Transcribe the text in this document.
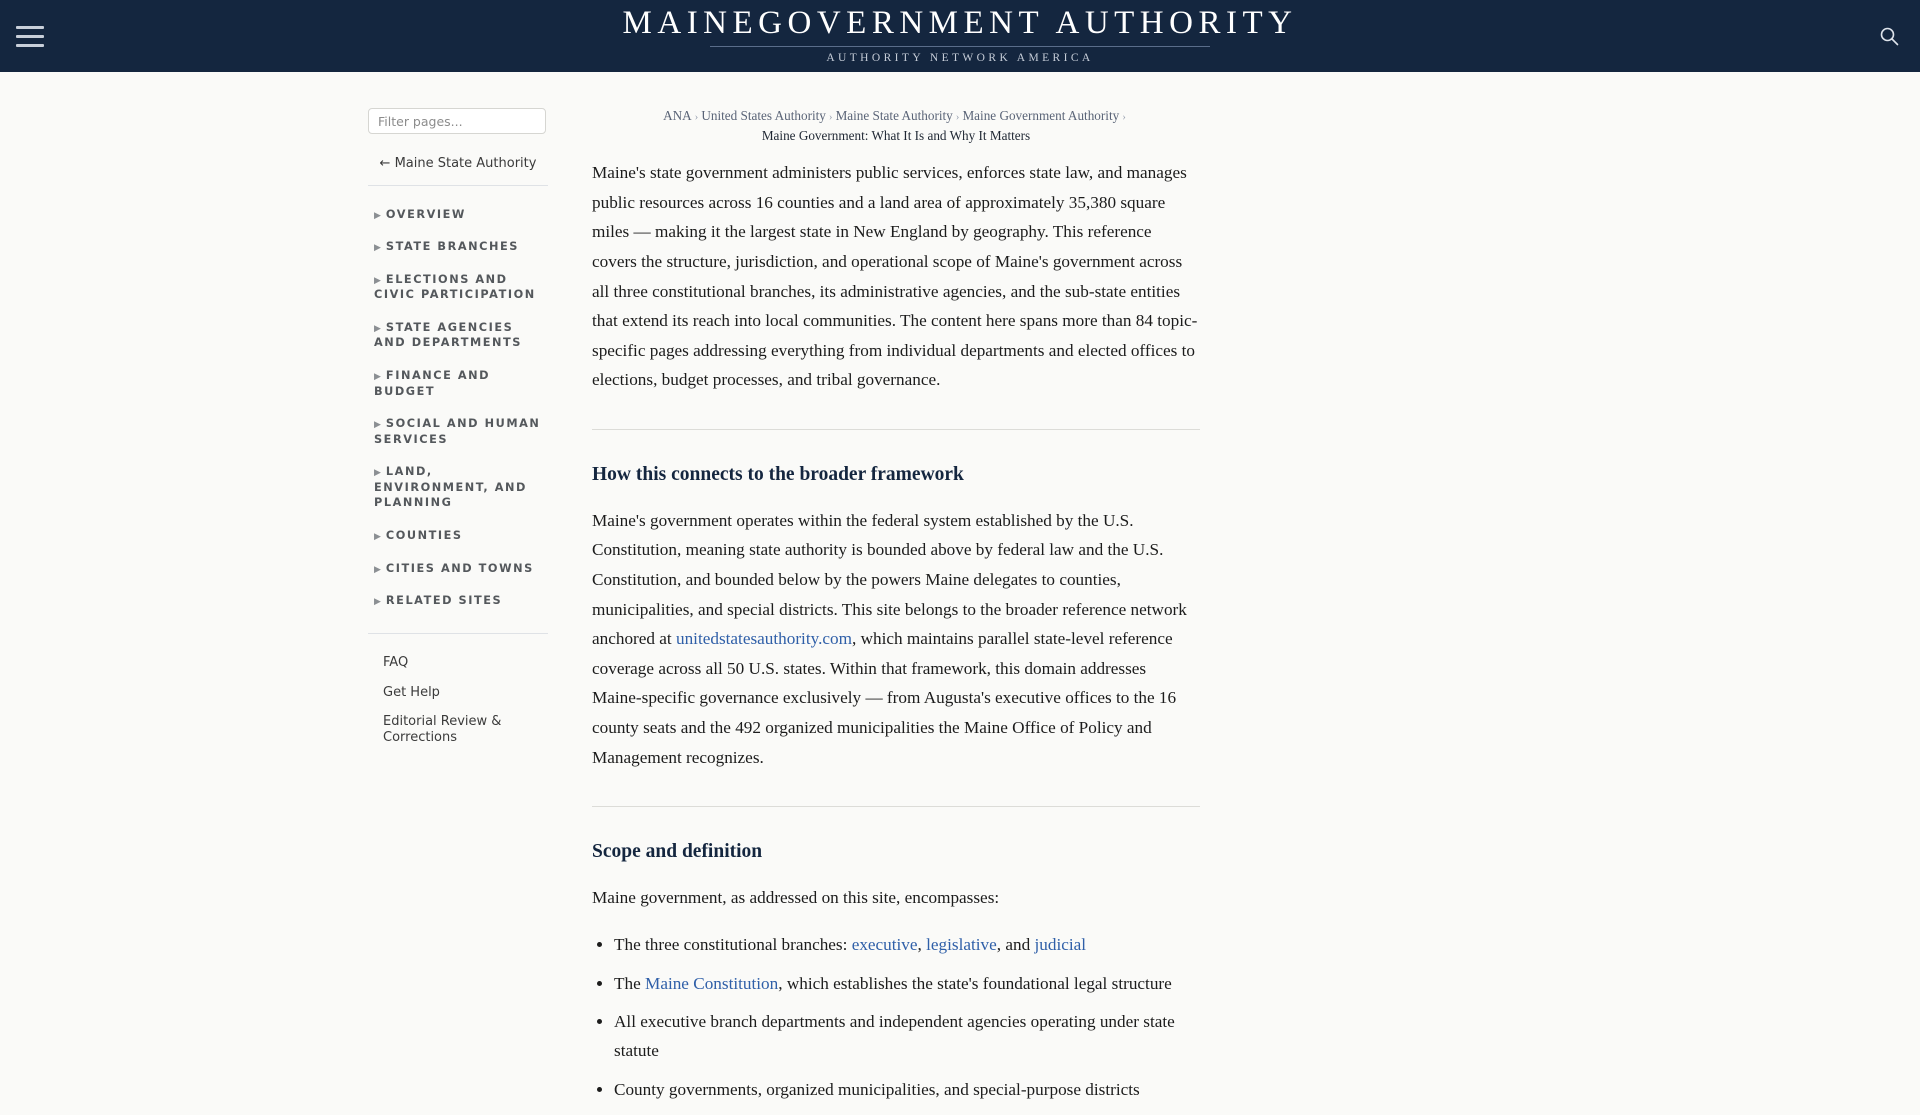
MAINEGOVERNMENT AUTHORITY
AUTHORITY NETWORK AMERICA
Filter pages...
← Maine State Authority
▶ OVERVIEW
▶ STATE BRANCHES
▶ ELECTIONS AND CIVIC PARTICIPATION
▶ STATE AGENCIES AND DEPARTMENTS
▶ FINANCE AND BUDGET
▶ SOCIAL AND HUMAN SERVICES
▶ LAND, ENVIRONMENT, AND PLANNING
▶ COUNTIES
▶ CITIES AND TOWNS
▶ RELATED SITES
FAQ
Get Help
Editorial Review & Corrections
ANA › United States Authority › Maine State Authority › Maine Government Authority ›
Maine Government: What It Is and Why It Matters

Maine's state government administers public services, enforces state law, and manages public resources across 16 counties and a land area of approximately 35,380 square miles — making it the largest state in New England by geography. This reference covers the structure, jurisdiction, and operational scope of Maine's government across all three constitutional branches, its administrative agencies, and the sub-state entities that extend its reach into local communities. The content here spans more than 84 topic-specific pages addressing everything from individual departments and elected offices to elections, budget processes, and tribal governance.

How this connects to the broader framework

Maine's government operates within the federal system established by the U.S. Constitution, meaning state authority is bounded above by federal law and the U.S. Constitution, and bounded below by the powers Maine delegates to counties, municipalities, and special districts. This site belongs to the broader reference network anchored at unitedstatesauthority.com, which maintains parallel state-level reference coverage across all 50 U.S. states. Within that framework, this domain addresses Maine-specific governance exclusively — from Augusta's executive offices to the 16 county seats and the 492 organized municipalities the Maine Office of Policy and Management recognizes.

Scope and definition

Maine government, as addressed on this site, encompasses:

• The three constitutional branches: executive, legislative, and judicial
• The Maine Constitution, which establishes the state's foundational legal structure
• All executive branch departments and independent agencies operating under state statute
• County governments, organized municipalities, and special-purpose districts
